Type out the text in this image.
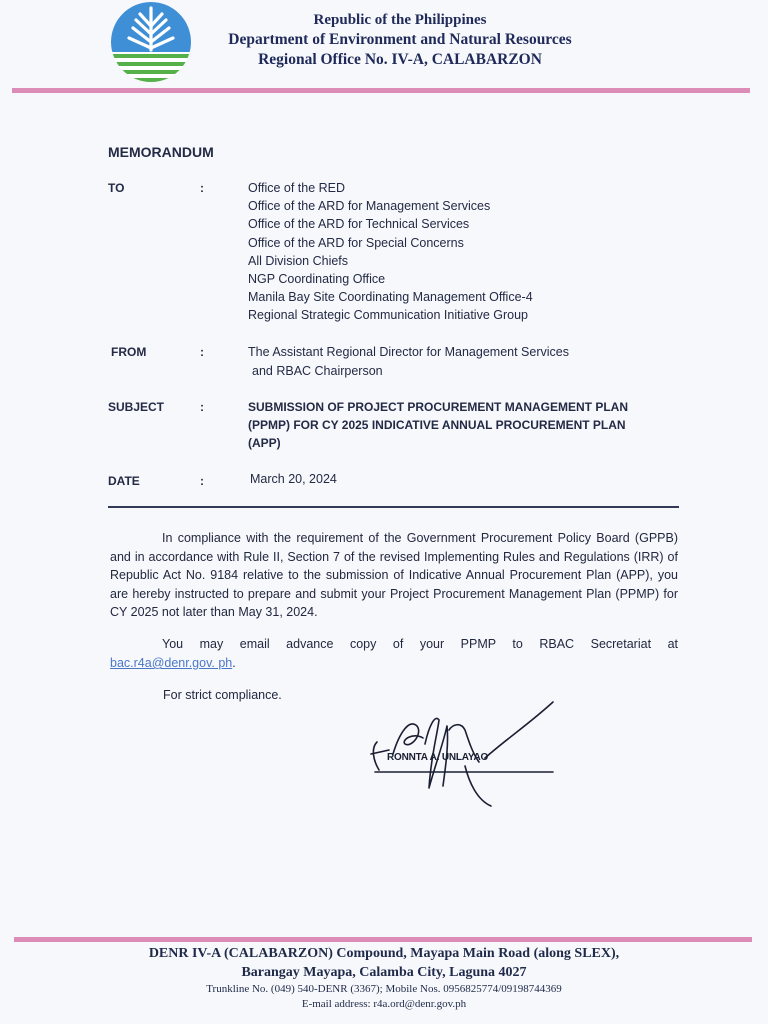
Republic of the Philippines
Department of Environment and Natural Resources
Regional Office No. IV-A, CALABARZON
MEMORANDUM
TO	:	Office of the RED
Office of the ARD for Management Services
Office of the ARD for Technical Services
Office of the ARD for Special Concerns
All Division Chiefs
NGP Coordinating Office
Manila Bay Site Coordinating Management Office-4
Regional Strategic Communication Initiative Group
FROM	:	The Assistant Regional Director for Management Services
and RBAC Chairperson
SUBJECT	:	SUBMISSION OF PROJECT PROCUREMENT MANAGEMENT PLAN
(PPMP) FOR CY 2025 INDICATIVE ANNUAL PROCUREMENT PLAN
(APP)
DATE	:	March 20, 2024
In compliance with the requirement of the Government Procurement Policy Board (GPPB) and in accordance with Rule II, Section 7 of the revised Implementing Rules and Regulations (IRR) of Republic Act No. 9184 relative to the submission of Indicative Annual Procurement Plan (APP), you are hereby instructed to prepare and submit your Project Procurement Management Plan (PPMP) for CY 2025 not later than May 31, 2024.
You may email advance copy of your PPMP to RBAC Secretariat at
bac.r4a@denr.gov. ph.
For strict compliance.
RONNTA A. UNLAYAO
DENR IV-A (CALABARZON) Compound, Mayapa Main Road (along SLEX),
Barangay Mayapa, Calamba City, Laguna 4027
Trunkline No. (049) 540-DENR (3367); Mobile Nos. 0956825774/09198744369
E-mail address: r4a.ord@denr.gov.ph
